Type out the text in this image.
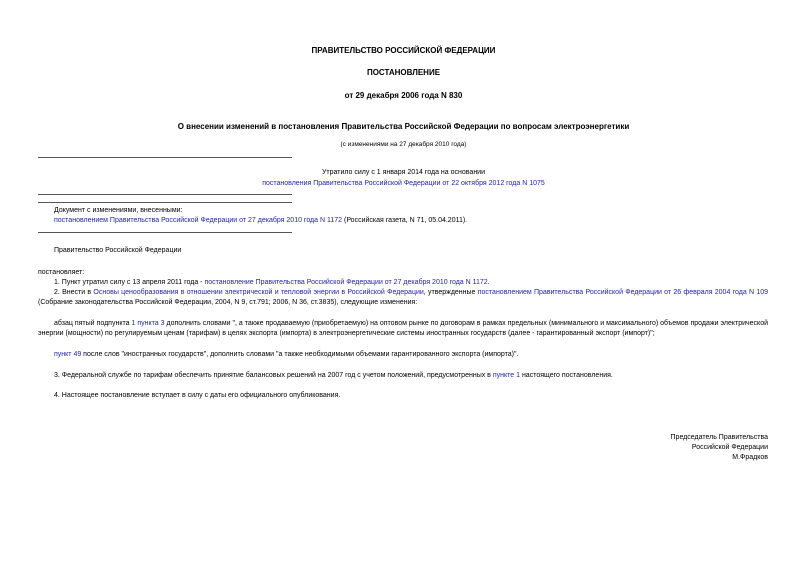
ПРАВИТЕЛЬСТВО РОССИЙСКОЙ ФЕДЕРАЦИИ
ПОСТАНОВЛЕНИЕ
от 29 декабря 2006 года N 830
О внесении изменений в постановления Правительства Российской Федерации по вопросам электроэнергетики
(с изменениями на 27 декабря 2010 года)
Утратило силу с 1 января 2014 года на основании
постановления Правительства Российской Федерации от 22 октября 2012 года N 1075
Документ с изменениями, внесенными:
постановлением Правительства Российской Федерации от 27 декабря 2010 года N 1172 (Российская газета, N 71, 05.04.2011).
Правительство Российской Федерации
постановляет:
1. Пункт утратил силу с 13 апреля 2011 года - постановление Правительства Российской Федерации от 27 декабря 2010 года N 1172.
2. Внести в Основы ценообразования в отношении электрической и тепловой энергии в Российской Федерации, утвержденные постановлением Правительства Российской Федерации от 26 февраля 2004 года N 109 (Собрание законодательства Российской Федерации, 2004, N 9, ст.791; 2006, N 36, ст.3835), следующие изменения:
абзац пятый подпункта 1 пункта 3 дополнить словами ", а также продаваемую (приобретаемую) на оптовом рынке по договорам в рамках предельных (минимального и максимального) объемов продажи электрической энергии (мощности) по регулируемым ценам (тарифам) в целях экспорта (импорта) в электроэнергетические системы иностранных государств (далее - гарантированный экспорт (импорт)";
пункт 49 после слов "иностранных государств", дополнить словами "а также необходимыми объемами гарантированного экспорта (импорта)".
3. Федеральной службе по тарифам обеспечить принятие балансовых решений на 2007 год с учетом положений, предусмотренных в пункте 1 настоящего постановления.
4. Настоящее постановление вступает в силу с даты его официального опубликования.
Председатель Правительства
Российской Федерации
М.Фрадков
